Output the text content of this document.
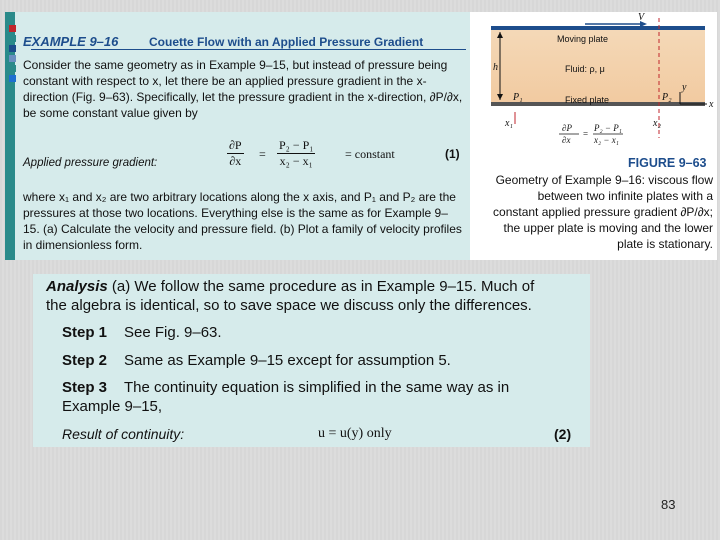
EXAMPLE 9–16	Couette Flow with an Applied Pressure Gradient
Consider the same geometry as in Example 9–15, but instead of pressure being constant with respect to x, let there be an applied pressure gradient in the x-direction (Fig. 9–63). Specifically, let the pressure gradient in the x-direction, ∂P/∂x, be some constant value given by
Applied pressure gradient:	$\frac{\partial P}{\partial x} = \frac{\text{P₂ − P₁}}{\text{x₂ − x₁}}$ = constant	(1)
where x₁ and x₂ are two arbitrary locations along the x axis, and P₁ and P₂ are the pressures at those two locations. Everything else is the same as for Example 9–15. (a) Calculate the velocity and pressure field. (b) Plot a family of velocity profiles in dimensionless form.
V
Moving plate
Fluid: ρ, μ
Fixed plate
h
P₁	P₂
y
x
x₁	x₂
∂P
∂x
=
P₂ − P₁
x₂ − x₁
FIGURE 9–63
Geometry of Example 9–16: viscous flow between two infinite plates with a constant applied pressure gradient ∂P/∂x; the upper plate is moving and the lower plate is stationary.
Analysis (a) We follow the same procedure as in Example 9–15. Much of
the algebra is identical, so to save space we discuss only the differences.
Step 1 See Fig. 9–63.
Step 2 Same as Example 9–15 except for assumption 5.
Step 3 The continuity equation is simplified in the same way as in
Example 9–15,
Result of continuity:	u = u(y) only	(2)
83
